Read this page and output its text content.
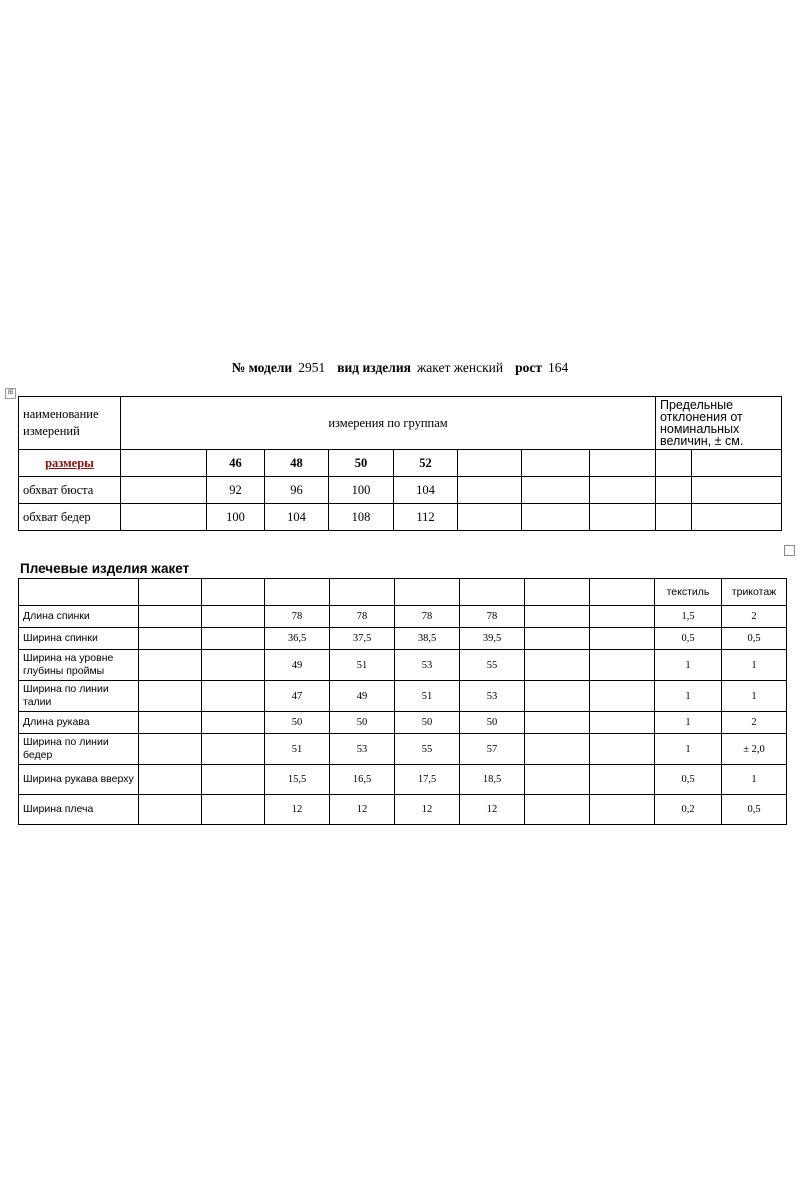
№ модели 2951 вид изделия жакет женский рост 164
⊞
наименование
измерений	измерения по группам								Предельные отклонения от номинальных величин, ± см.	

размеры		46	48	50	52					
обхват бюста		92	96	100	104					
обхват бедер		100	104	108	112					
Плечевые изделия жакет
									текстиль	трикотаж
Длина спинки			78	78	78	78			1,5	2
Ширина спинки			36,5	37,5	38,5	39,5			0,5	0,5
Ширина на уровне глубины проймы			49	51	53	55			1	1
Ширина по линии талии			47	49	51	53			1	1
Длина рукава			50	50	50	50			1	2
Ширина по линии бедер			51	53	55	57			1	± 2,0
Ширина рукава вверху			15,5	16,5	17,5	18,5			0,5	1
Ширина плеча			12	12	12	12			0,2	0,5
